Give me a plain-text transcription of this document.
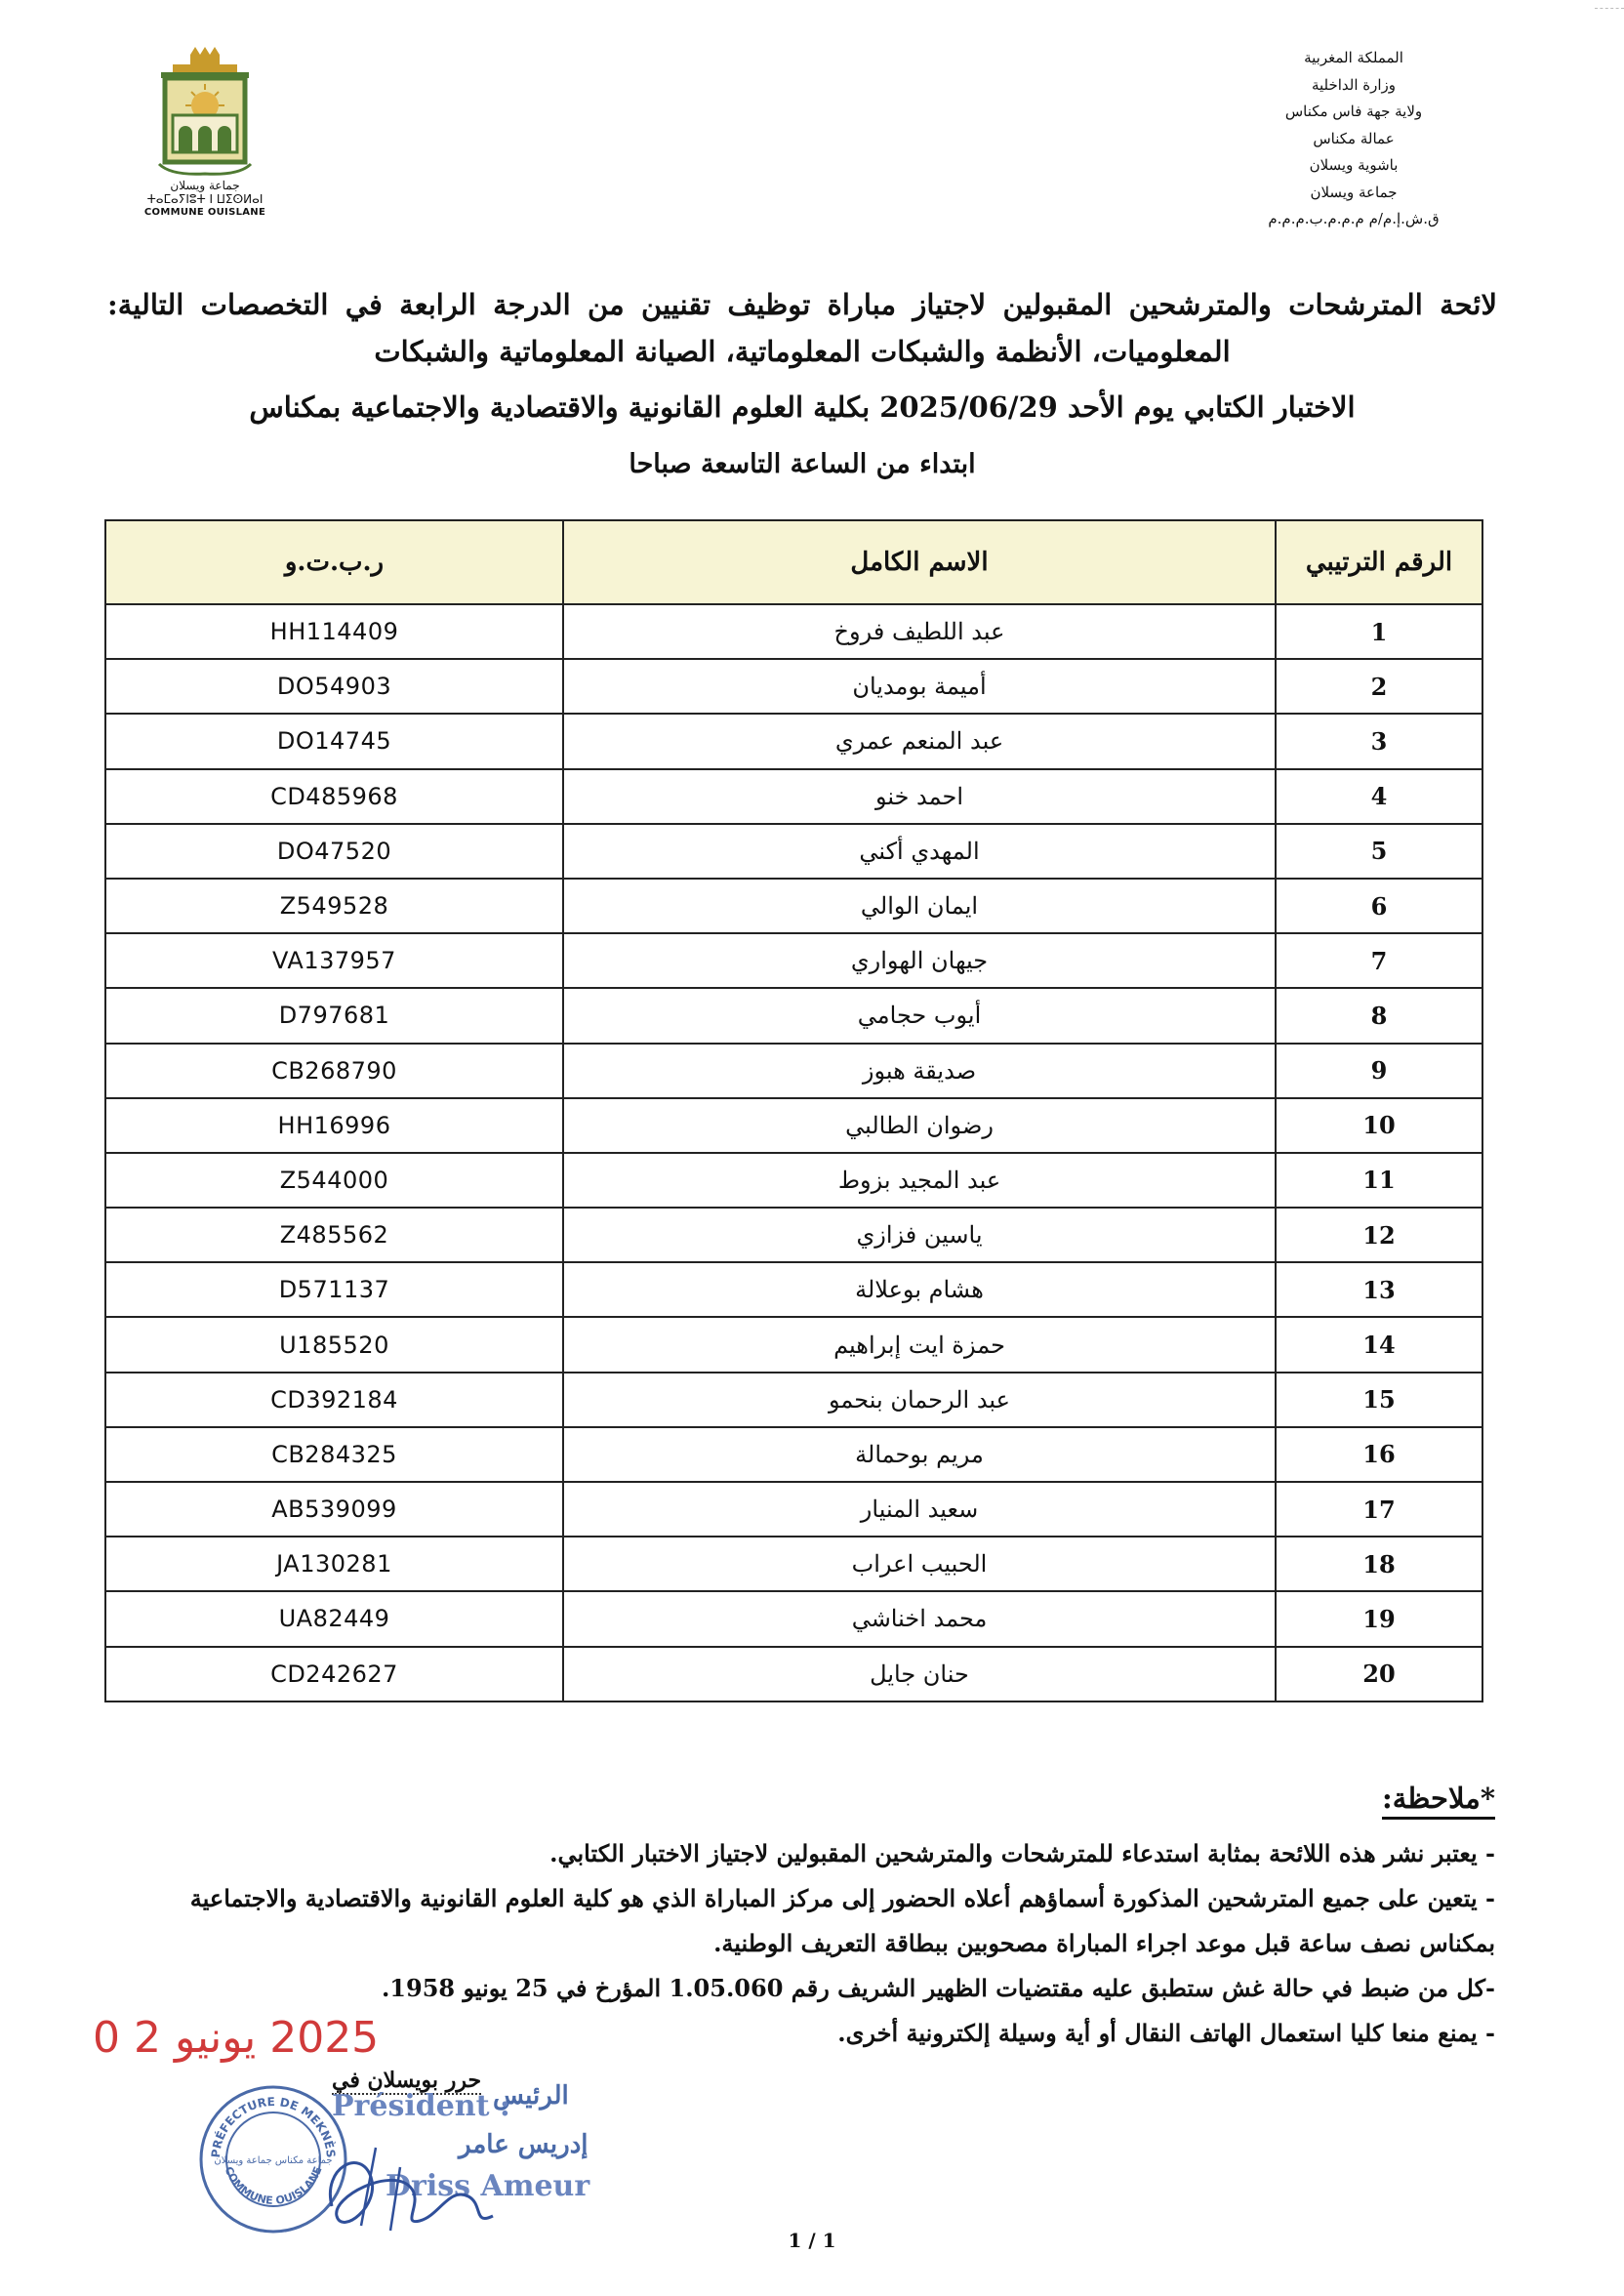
جماعة ويسلان
ⵜⴰⵎⴰⵢⵏⵓⵜ ⵏ ⵡⵉⵙⵍⴰⵏ
COMMUNE OUISLANE
المملكة المغربية
وزارة الداخلية
ولاية جهة فاس مكناس
عمالة مكناس
باشوية ويسلان
جماعة ويسلان
ق.ش.إ.م/م م.م.م.ب.م.م.م
لائحة المترشحات والمترشحين المقبولين لاجتياز مباراة توظيف تقنيين من الدرجة الرابعة في التخصصات التالية: المعلوميات، الأنظمة والشبكات المعلوماتية، الصيانة المعلوماتية والشبكات
الاختبار الكتابي يوم الأحد 2025/06/29 بكلية العلوم القانونية والاقتصادية والاجتماعية بمكناس
ابتداء من الساعة التاسعة صباحا
الرقم الترتيبي	الاسم الكامل	ر.ب.ت.و
1	عبد اللطيف فروخ	HH114409
2	أميمة بومديان	DO54903
3	عبد المنعم عمري	DO14745
4	احمد خنو	CD485968
5	المهدي أكني	DO47520
6	ايمان الوالي	Z549528
7	جيهان الهواري	VA137957
8	أيوب حجامي	D797681
9	صديقة هبوز	CB268790
10	رضوان الطالبي	HH16996
11	عبد المجيد بزوط	Z544000
12	ياسين فزازي	Z485562
13	هشام بوعلالة	D571137
14	حمزة ايت إبراهيم	U185520
15	عبد الرحمان بنحمو	CD392184
16	مريم بوحمالة	CB284325
17	سعيد المنيار	AB539099
18	الحبيب اعراب	JA130281
19	محمد اخناشي	UA82449
20	حنان جايل	CD242627
*ملاحظة:
- يعتبر نشر هذه اللائحة بمثابة استدعاء للمترشحات والمترشحين المقبولين لاجتياز الاختبار الكتابي.
- يتعين على جميع المترشحين المذكورة أسماؤهم أعلاه الحضور إلى مركز المباراة الذي هو كلية العلوم القانونية والاقتصادية والاجتماعية بمكناس نصف ساعة قبل موعد اجراء المباراة مصحوبين ببطاقة التعريف الوطنية.
-كل من ضبط في حالة غش ستطبق عليه مقتضيات الظهير الشريف رقم 1.05.060 المؤرخ في 25 يونيو 1958.
- يمنع منعا كليا استعمال الهاتف النقال أو أية وسيلة إلكترونية أخرى.
2025 يونيو 2 0
حرر بويسلان في
PRÉFECTURE DE MEKNÈS
COMMUNE OUISLANE
جماعة مكناس جماعة ويسلان
الرئيس
Président :
إدريس عامر
Driss Ameur
1 / 1
